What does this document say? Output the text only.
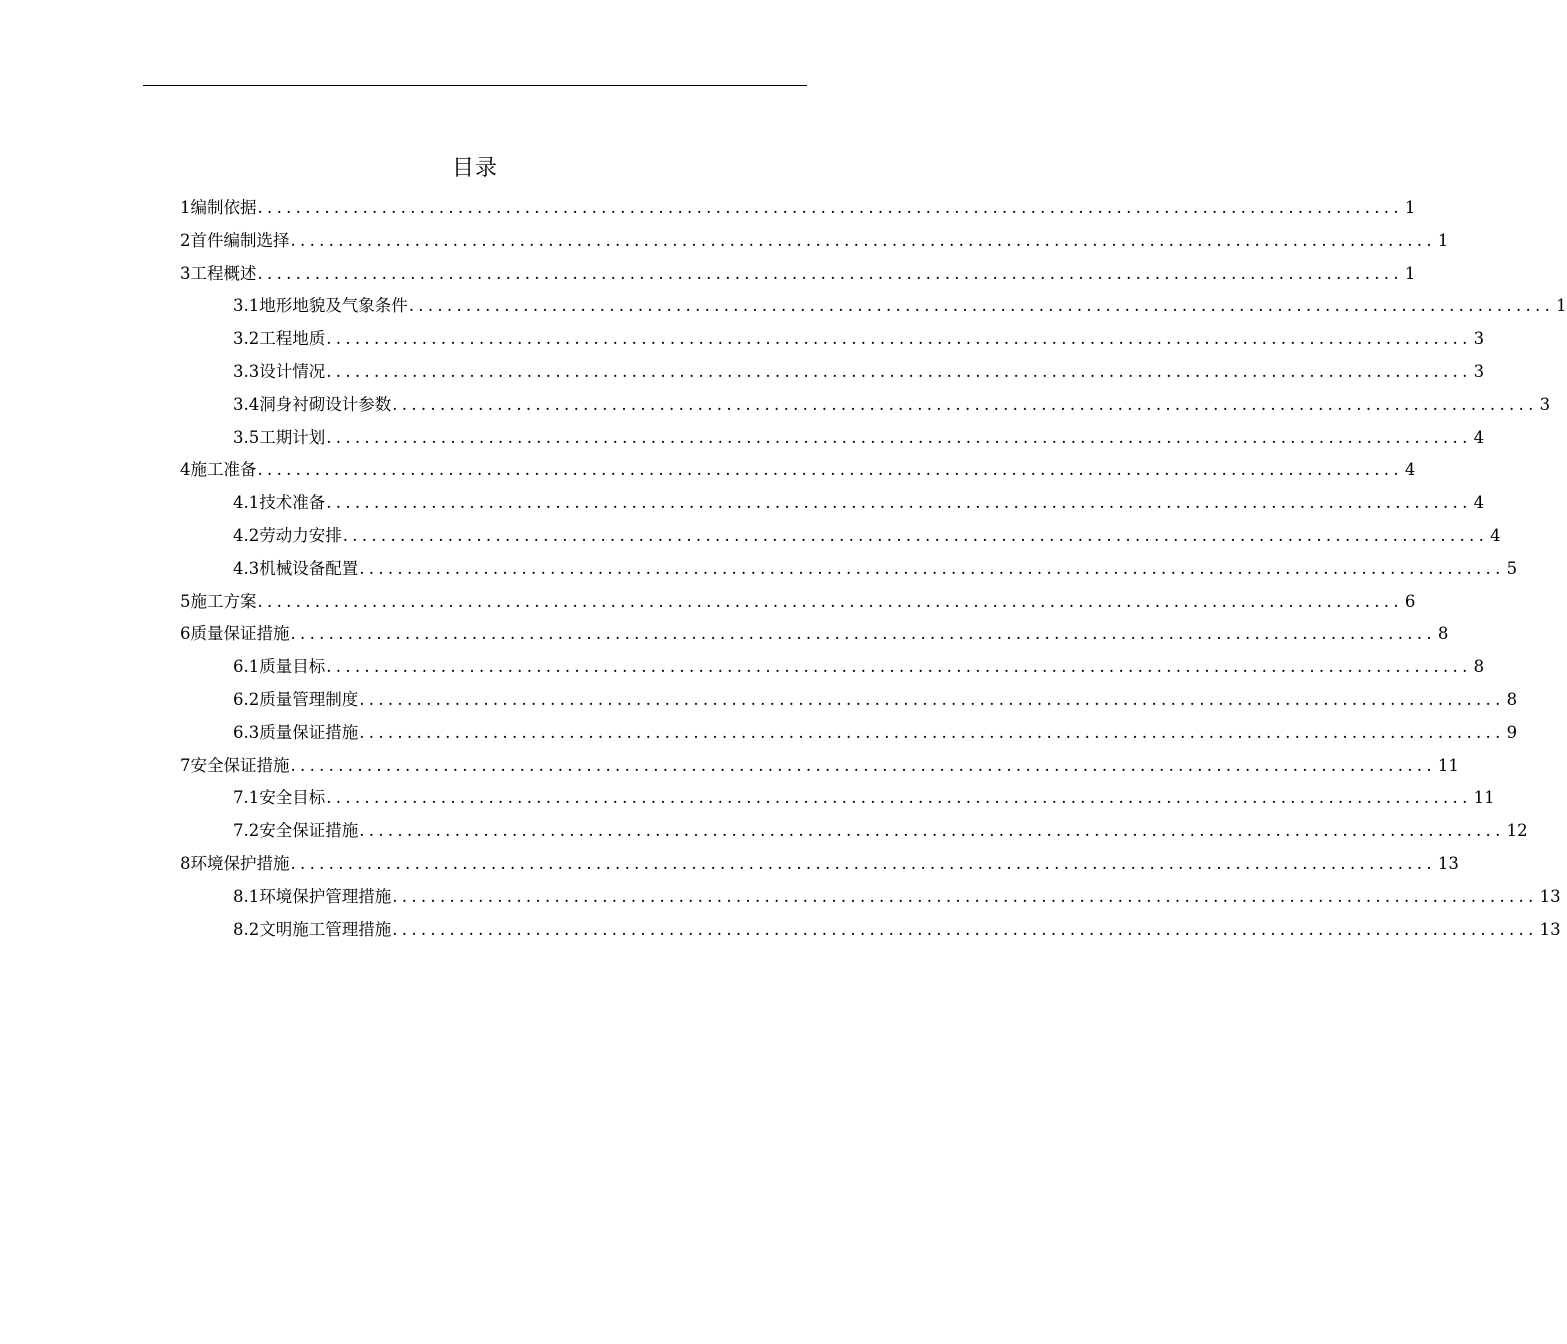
目录
1 编制依据 ........................................................................................................................ 1
2 首件编制选择 ........................................................................................................................ 1
3 工程概述 ........................................................................................................................ 1
3.1 地形地貌及气象条件 ........................................................................................................................ 1
3.2 工程地质 ........................................................................................................................ 3
3.3 设计情况 ........................................................................................................................ 3
3.4 洞身衬砌设计参数 ........................................................................................................................ 3
3.5 工期计划 ........................................................................................................................ 4
4 施工准备 ........................................................................................................................ 4
4.1 技术准备 ........................................................................................................................ 4
4.2 劳动力安排 ........................................................................................................................ 4
4.3 机械设备配置 ........................................................................................................................ 5
5 施工方案 ........................................................................................................................ 6
6 质量保证措施 ........................................................................................................................ 8
6.1 质量目标 ........................................................................................................................ 8
6.2 质量管理制度 ........................................................................................................................ 8
6.3 质量保证措施 ........................................................................................................................ 9
7 安全保证措施 ........................................................................................................................ 11
7.1 安全目标 ........................................................................................................................ 11
7.2 安全保证措施 ........................................................................................................................ 12
8 环境保护措施 ........................................................................................................................ 13
8.1 环境保护管理措施 ........................................................................................................................ 13
8.2 文明施工管理措施 ........................................................................................................................ 13
